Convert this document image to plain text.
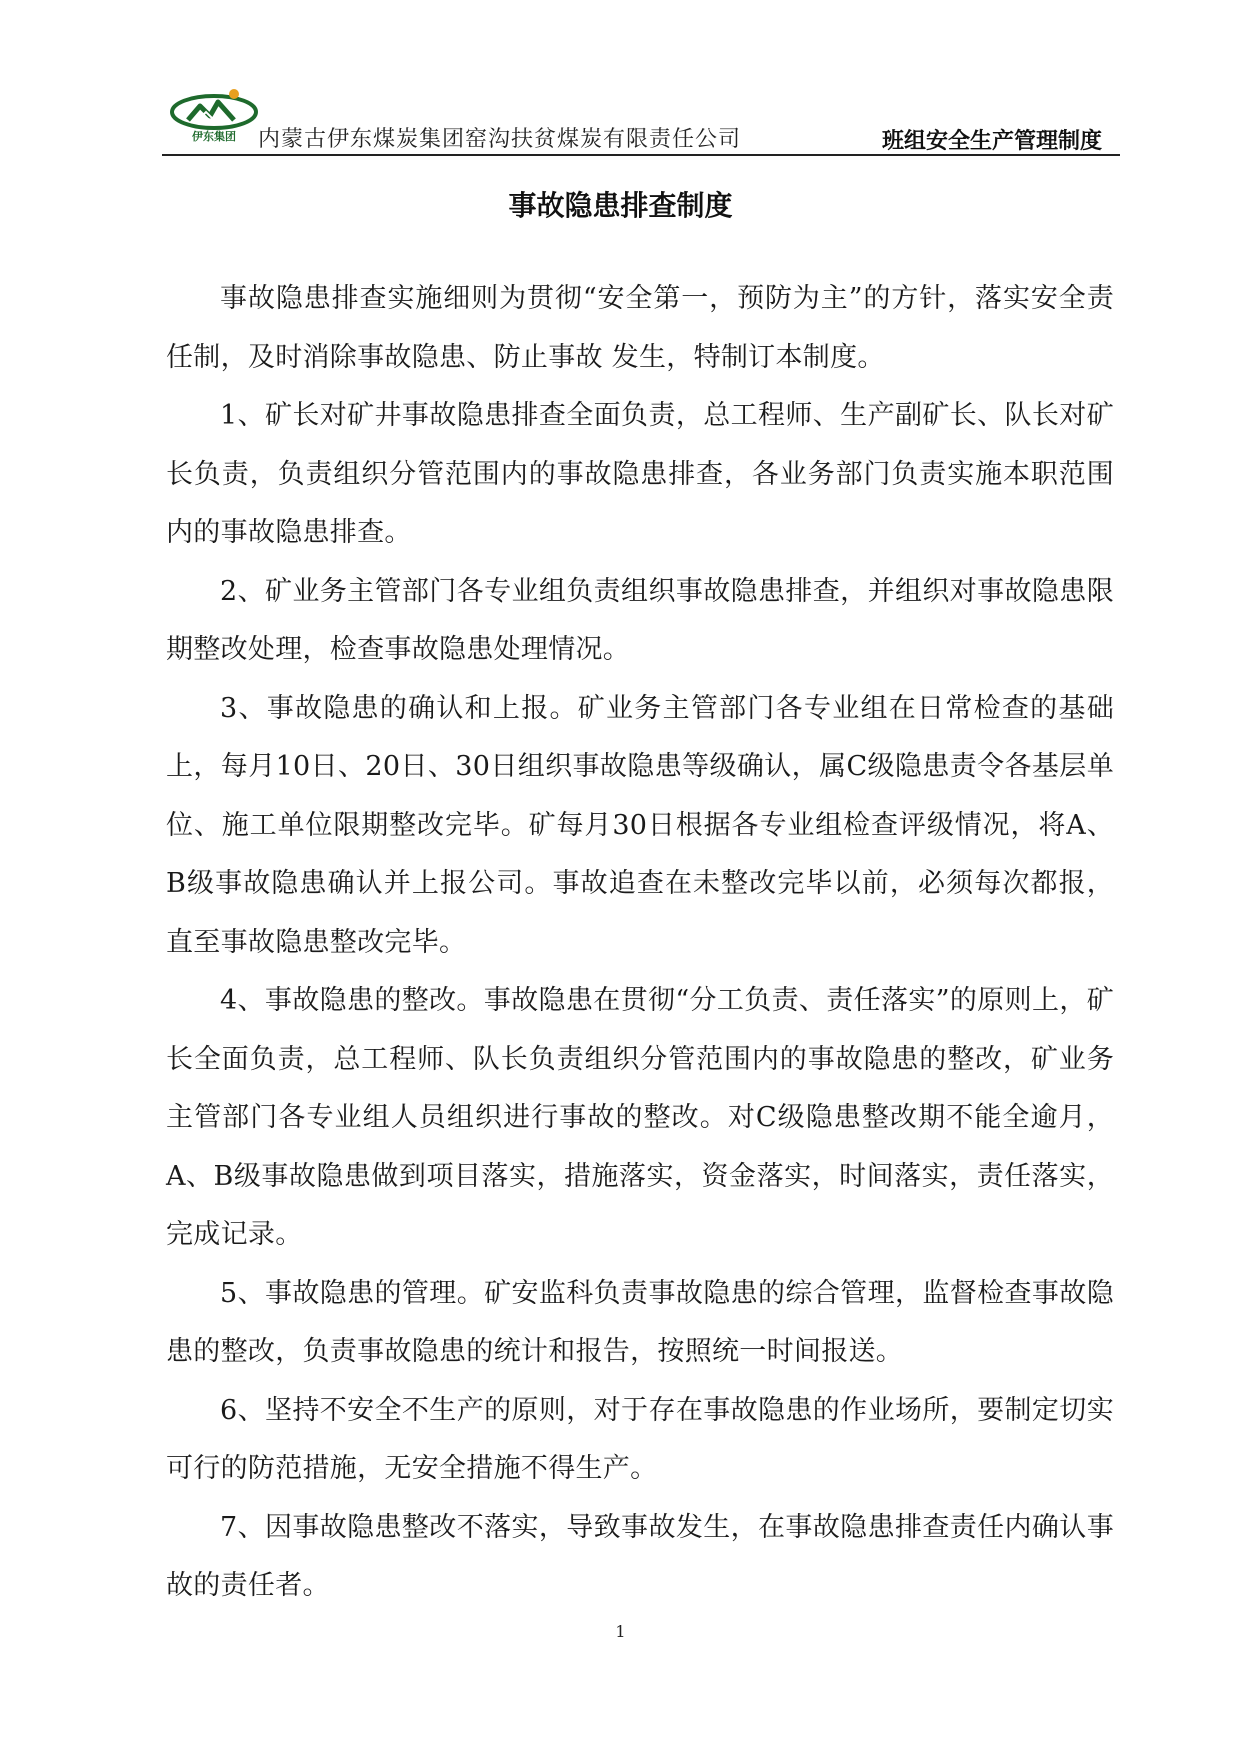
伊东集团	内蒙古伊东煤炭集团窑沟扶贫煤炭有限责任公司	班组安全生产管理制度
事故隐患排查制度

事故隐患排查实施细则为贯彻“安全第一，预防为主”的方针，落实安全责任制，及时消除事故隐患、防止事故 发生，特制订本制度。

1、矿长对矿井事故隐患排查全面负责，总工程师、生产副矿长、队长对矿长负责，负责组织分管范围内的事故隐患排查，各业务部门负责实施本职范围内的事故隐患排查。

2、矿业务主管部门各专业组负责组织事故隐患排查，并组织对事故隐患限期整改处理，检查事故隐患处理情况。

3、事故隐患的确认和上报。矿业务主管部门各专业组在日常检查的基础上，每月10日、20日、30日组织事故隐患等级确认，属C级隐患责令各基层单位、施工单位限期整改完毕。矿每月30日根据各专业组检查评级情况，将A、B级事故隐患确认并上报公司。事故追查在未整改完毕以前，必须每次都报，直至事故隐患整改完毕。

4、事故隐患的整改。事故隐患在贯彻“分工负责、责任落实”的原则上，矿长全面负责，总工程师、队长负责组织分管范围内的事故隐患的整改，矿业务主管部门各专业组人员组织进行事故的整改。对C级隐患整改期不能全逾月，A、B级事故隐患做到项目落实，措施落实，资金落实，时间落实，责任落实，完成记录。

5、事故隐患的管理。矿安监科负责事故隐患的综合管理，监督检查事故隐患的整改，负责事故隐患的统计和报告，按照统一时间报送。

6、坚持不安全不生产的原则，对于存在事故隐患的作业场所，要制定切实可行的防范措施，无安全措施不得生产。

7、因事故隐患整改不落实，导致事故发生，在事故隐患排查责任内确认事故的责任者。

1
